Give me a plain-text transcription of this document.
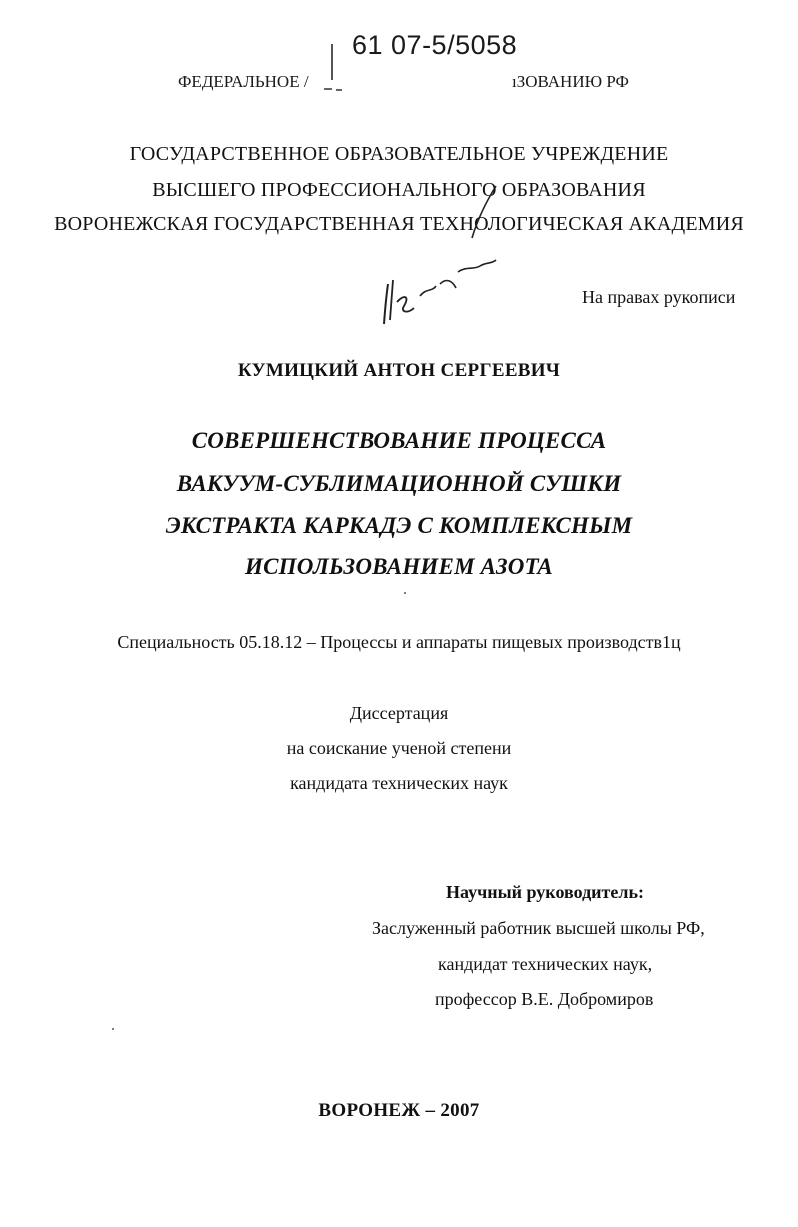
61 07-5/5058
ФЕДЕРАЛЬНОЕ /	ıЗОВАНИЮ РФ
ГОСУДАРСТВЕННОЕ ОБРАЗОВАТЕЛЬНОЕ УЧРЕЖДЕНИЕ
ВЫСШЕГО ПРОФЕССИОНАЛЬНОГО ОБРАЗОВАНИЯ
ВОРОНЕЖСКАЯ ГОСУДАРСТВЕННАЯ ТЕХНОЛОГИЧЕСКАЯ АКАДЕМИЯ
На правах рукописи
КУМИЦКИЙ АНТОН СЕРГЕЕВИЧ
СОВЕРШЕНСТВОВАНИЕ ПРОЦЕССА
ВАКУУМ-СУБЛИМАЦИОННОЙ СУШКИ
ЭКСТРАКТА КАРКАДЭ С КОМПЛЕКСНЫМ
ИСПОЛЬЗОВАНИЕМ АЗОТА
Специальность 05.18.12 – Процессы и аппараты пищевых производств1ц
Диссертация
на соискание ученой степени
кандидата технических наук
Научный руководитель:
Заслуженный работник высшей школы РФ,
кандидат технических наук,
профессор В.Е. Добромиров
ВОРОНЕЖ – 2007
